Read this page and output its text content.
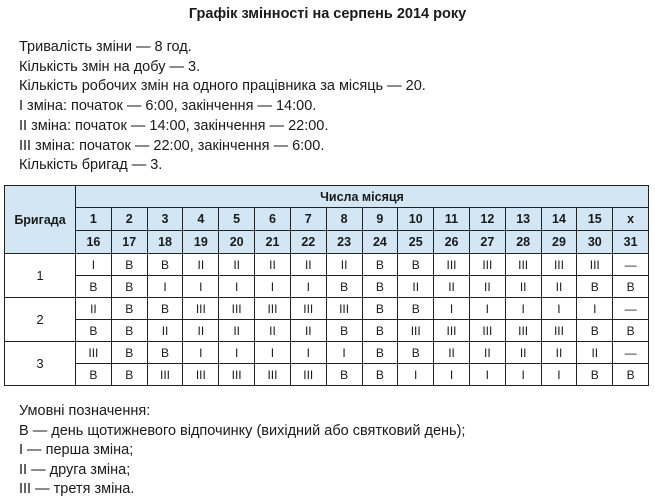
Графік змінності на серпень 2014 року
Тривалість зміни — 8 год.
Кількість змін на добу — 3.
Кількість робочих змін на одного працівника за місяць — 20.
І зміна: початок — 6:00, закінчення — 14:00.
ІІ зміна: початок — 14:00, закінчення — 22:00.
ІІІ зміна: початок — 22:00, закінчення — 6:00.
Кількість бригад — 3.
Бригада	Числа місяця															
	1	2	3	4	5	6	7	8	9	10	11	12	13	14	15	x
	16	17	18	19	20	21	22	23	24	25	26	27	28	29	30	31
1	І	В	В	ІІ	ІІ	ІІ	ІІ	ІІ	В	В	ІІІ	ІІІ	ІІІ	ІІІ	ІІІ	—
	В	В	І	І	І	І	І	В	В	ІІ	ІІ	ІІ	ІІ	ІІ	В	В
2	ІІ	В	В	ІІІ	ІІІ	ІІІ	ІІІ	ІІІ	В	В	І	І	І	І	І	—
	В	В	ІІ	ІІ	ІІ	ІІ	ІІ	В	В	ІІІ	ІІІ	ІІІ	ІІІ	ІІІ	В	В
3	ІІІ	В	В	І	І	І	І	І	В	В	ІІ	ІІ	ІІ	ІІ	ІІ	—
	В	В	ІІІ	ІІІ	ІІІ	ІІІ	ІІІ	В	В	І	І	І	І	І	В	В
Умовні позначення:
В — день щотижневого відпочинку (вихідний або святковий день);
І — перша зміна;
ІІ — друга зміна;
ІІІ — третя зміна.
